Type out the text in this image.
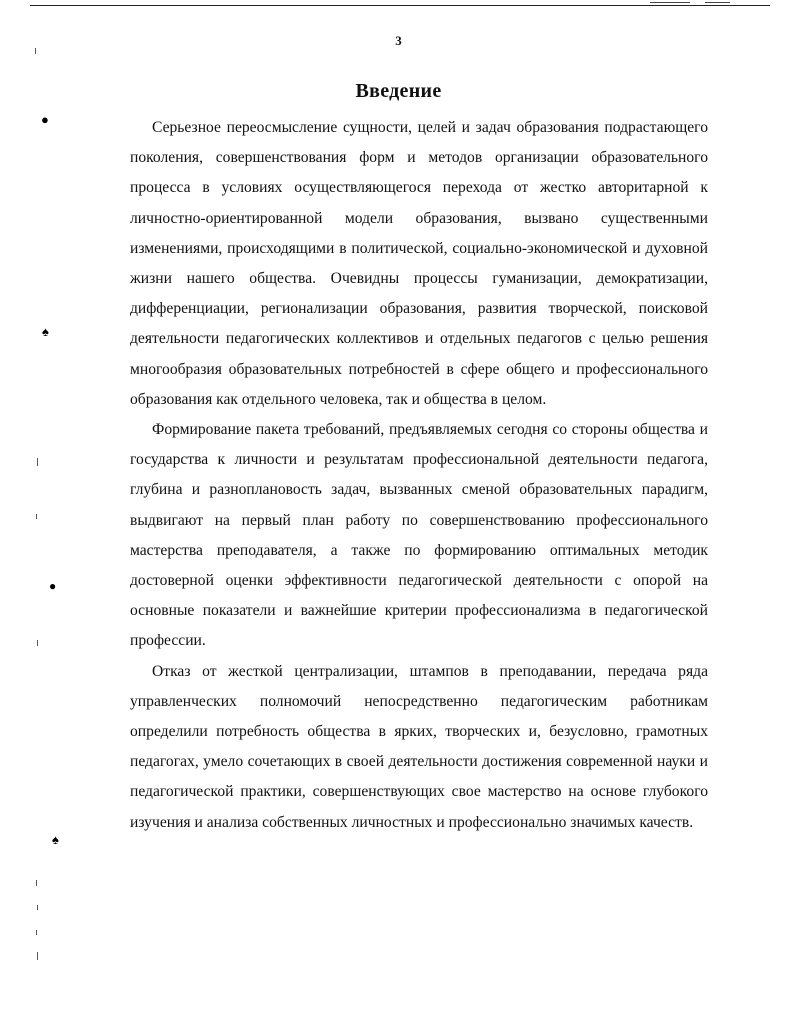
3
Введение

Серьезное переосмысление сущности, целей и задач образования подрастающего поколения, совершенствования форм и методов организации образовательного процесса в условиях осуществляющегося перехода от жестко авторитарной к личностно-ориентированной модели образования, вызвано существенными изменениями, происходящими в политической, социально-экономической и духовной жизни нашего общества. Очевидны процессы гуманизации, демократизации, дифференциации, регионализации образования, развития творческой, поисковой деятельности педагогических коллективов и отдельных педагогов с целью решения многообразия образовательных потребностей в сфере общего и профессионального образования как отдельного человека, так и общества в целом.

Формирование пакета требований, предъявляемых сегодня со стороны общества и государства к личности и результатам профессиональной деятельности педагога, глубина и разноплановость задач, вызванных сменой образовательных парадигм, выдвигают на первый план работу по совершенствованию профессионального мастерства преподавателя, а также по формированию оптимальных методик достоверной оценки эффективности педагогической деятельности с опорой на основные показатели и важнейшие критерии профессионализма в педагогической профессии.

Отказ от жесткой централизации, штампов в преподавании, передача ряда управленческих полномочий непосредственно педагогическим работникам определили потребность общества в ярких, творческих и, безусловно, грамотных педагогах, умело сочетающих в своей деятельности достижения современной науки и педагогической практики, совершенствующих свое мастерство на основе глубокого изучения и анализа собственных личностных и профессионально значимых качеств.

●
♠
●
♠
